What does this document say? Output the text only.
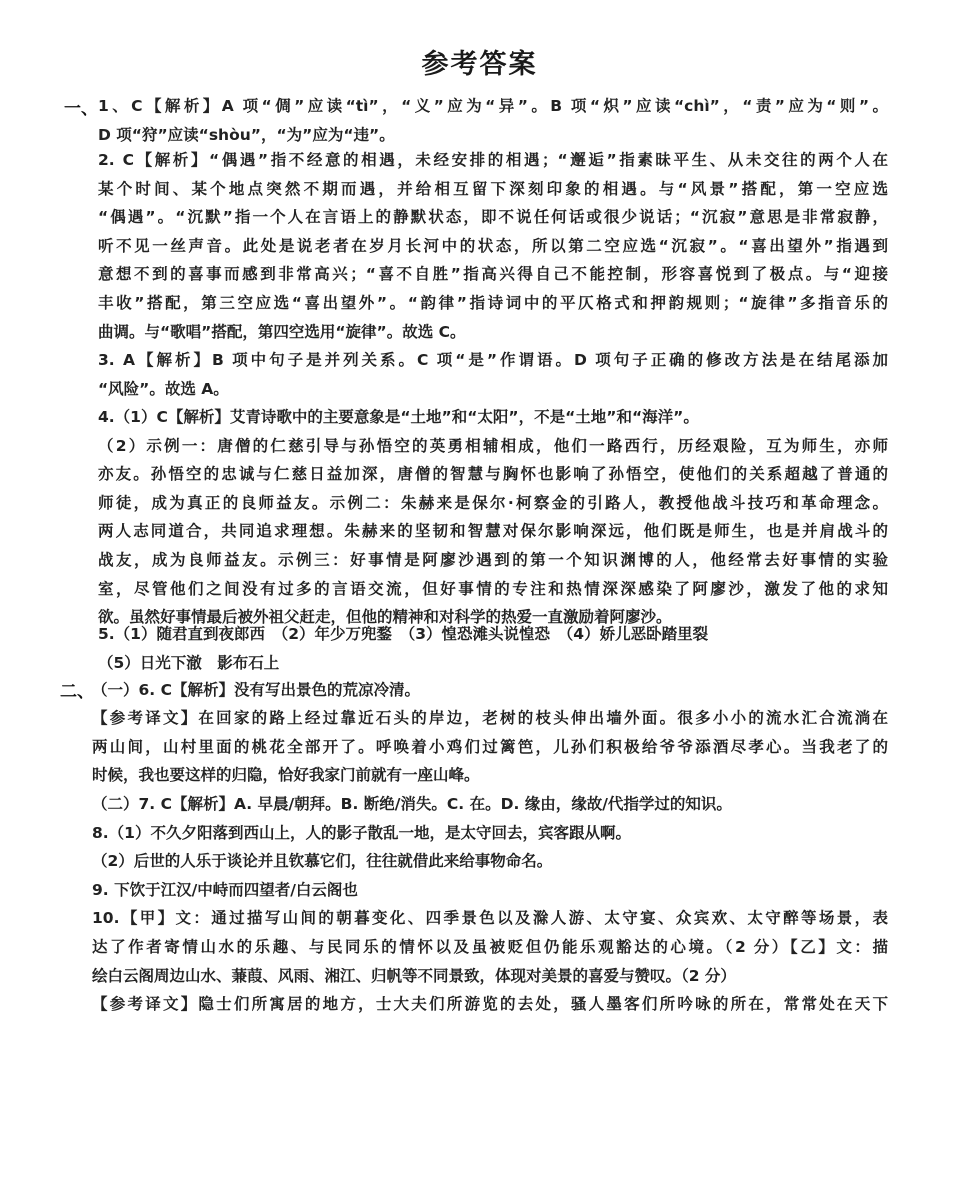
参考答案
一、
二、
1、C【解析】A 项“倜”应读“tì”，“义”应为“异”。B 项“炽”应读“chì”，“责”应为“则”。
D 项“狩”应读“shòu”，“为”应为“违”。
2. C【解析】“偶遇”指不经意的相遇，未经安排的相遇；“邂逅”指素昧平生、从未交往的两个人在
某个时间、某个地点突然不期而遇，并给相互留下深刻印象的相遇。与“风景”搭配，第一空应选
“偶遇”。“沉默”指一个人在言语上的静默状态，即不说任何话或很少说话；“沉寂”意思是非常寂静，
听不见一丝声音。此处是说老者在岁月长河中的状态，所以第二空应选“沉寂”。“喜出望外”指遇到
意想不到的喜事而感到非常高兴；“喜不自胜”指高兴得自己不能控制，形容喜悦到了极点。与“迎接
丰收”搭配，第三空应选“喜出望外”。“韵律”指诗词中的平仄格式和押韵规则；“旋律”多指音乐的
曲调。与“歌唱”搭配，第四空选用“旋律”。故选 C。
3. A【解析】B 项中句子是并列关系。C 项“是”作谓语。D 项句子正确的修改方法是在结尾添加
“风险”。故选 A。
4.（1）C【解析】艾青诗歌中的主要意象是“土地”和“太阳”，不是“土地”和“海洋”。
（2）示例一：唐僧的仁慈引导与孙悟空的英勇相辅相成，他们一路西行，历经艰险，互为师生，亦师
亦友。孙悟空的忠诚与仁慈日益加深，唐僧的智慧与胸怀也影响了孙悟空，使他们的关系超越了普通的
师徒，成为真正的良师益友。示例二：朱赫来是保尔·柯察金的引路人，教授他战斗技巧和革命理念。
两人志同道合，共同追求理想。朱赫来的坚韧和智慧对保尔影响深远，他们既是师生，也是并肩战斗的
战友，成为良师益友。示例三：好事情是阿廖沙遇到的第一个知识渊博的人，他经常去好事情的实验
室，尽管他们之间没有过多的言语交流，但好事情的专注和热情深深感染了阿廖沙，激发了他的求知
欲。虽然好事情最后被外祖父赶走，但他的精神和对科学的热爱一直激励着阿廖沙。
5.（1）随君直到夜郎西　（2）年少万兜鍪　（3）惶恐滩头说惶恐　（4）娇儿恶卧踏里裂
（5）日光下澈　影布石上
（一）6. C【解析】没有写出景色的荒凉冷清。
【参考译文】在回家的路上经过靠近石头的岸边，老树的枝头伸出墙外面。很多小小的流水汇合流淌在
两山间，山村里面的桃花全部开了。呼唤着小鸡们过篱笆，儿孙们积极给爷爷添酒尽孝心。当我老了的
时候，我也要这样的归隐，恰好我家门前就有一座山峰。
（二）7. C【解析】A. 早晨/朝拜。B. 断绝/消失。C. 在。D. 缘由，缘故/代指学过的知识。
8.（1）不久夕阳落到西山上，人的影子散乱一地，是太守回去，宾客跟从啊。
（2）后世的人乐于谈论并且钦慕它们，往往就借此来给事物命名。
9. 下饮于江汉/中峙而四望者/白云阁也
10.【甲】文：通过描写山间的朝暮变化、四季景色以及滁人游、太守宴、众宾欢、太守醉等场景，表
达了作者寄情山水的乐趣、与民同乐的情怀以及虽被贬但仍能乐观豁达的心境。（2 分）【乙】文：描
绘白云阁周边山水、蒹葭、风雨、湘江、归帆等不同景致，体现对美景的喜爱与赞叹。（2 分）
【参考译文】隐士们所寓居的地方，士大夫们所游览的去处，骚人墨客们所吟咏的所在，常常处在天下
